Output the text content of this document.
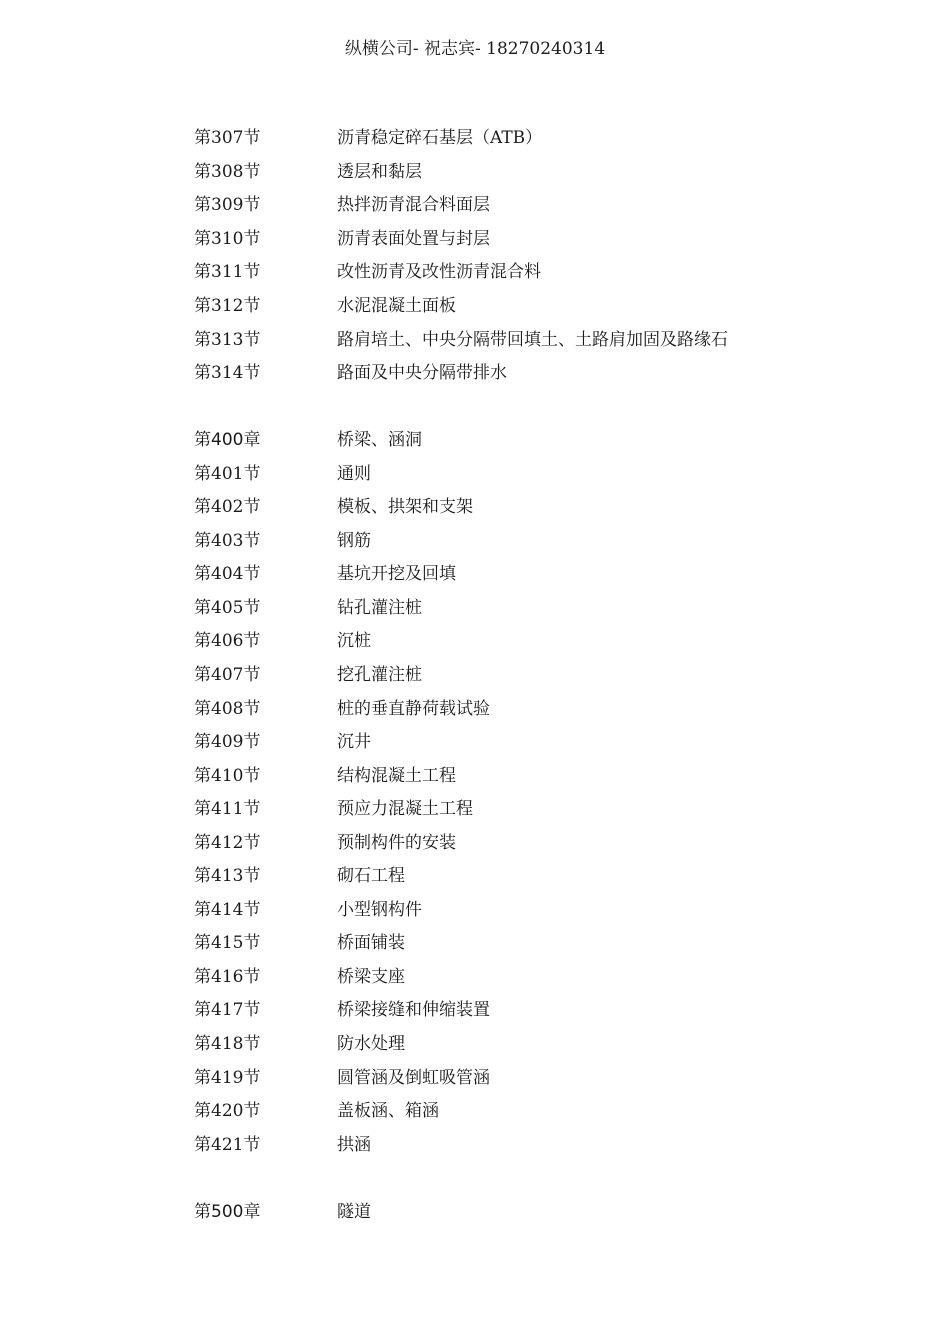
纵横公司- 祝志宾- 18270240314
第307节	沥青稳定碎石基层（ATB）
第308节	透层和黏层
第309节	热拌沥青混合料面层
第310节	沥青表面处置与封层
第311节	改性沥青及改性沥青混合料
第312节	水泥混凝土面板
第313节	路肩培土、中央分隔带回填土、土路肩加固及路缘石
第314节	路面及中央分隔带排水
第400章	桥梁、涵洞
第401节	通则
第402节	模板、拱架和支架
第403节	钢筋
第404节	基坑开挖及回填
第405节	钻孔灌注桩
第406节	沉桩
第407节	挖孔灌注桩
第408节	桩的垂直静荷载试验
第409节	沉井
第410节	结构混凝土工程
第411节	预应力混凝土工程
第412节	预制构件的安装
第413节	砌石工程
第414节	小型钢构件
第415节	桥面铺装
第416节	桥梁支座
第417节	桥梁接缝和伸缩装置
第418节	防水处理
第419节	圆管涵及倒虹吸管涵
第420节	盖板涵、箱涵
第421节	拱涵
第500章	隧道
